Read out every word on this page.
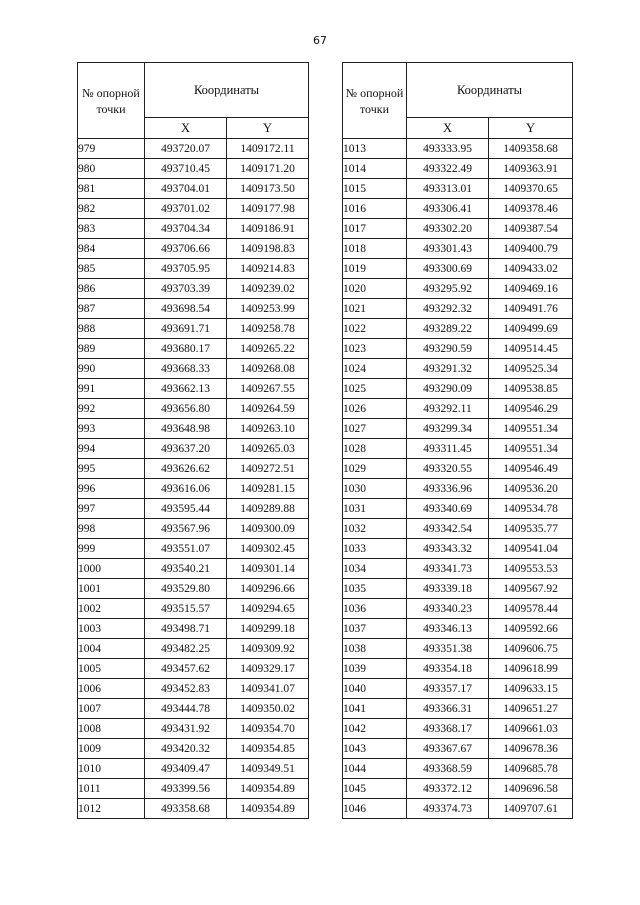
67
№ опорной точки	Координаты	
	X	Y
979	493720.07	1409172.11
980	493710.45	1409171.20
981	493704.01	1409173.50
982	493701.02	1409177.98
983	493704.34	1409186.91
984	493706.66	1409198.83
985	493705.95	1409214.83
986	493703.39	1409239.02
987	493698.54	1409253.99
988	493691.71	1409258.78
989	493680.17	1409265.22
990	493668.33	1409268.08
991	493662.13	1409267.55
992	493656.80	1409264.59
993	493648.98	1409263.10
994	493637.20	1409265.03
995	493626.62	1409272.51
996	493616.06	1409281.15
997	493595.44	1409289.88
998	493567.96	1409300.09
999	493551.07	1409302.45
1000	493540.21	1409301.14
1001	493529.80	1409296.66
1002	493515.57	1409294.65
1003	493498.71	1409299.18
1004	493482.25	1409309.92
1005	493457.62	1409329.17
1006	493452.83	1409341.07
1007	493444.78	1409350.02
1008	493431.92	1409354.70
1009	493420.32	1409354.85
1010	493409.47	1409349.51
1011	493399.56	1409354.89
1012	493358.68	1409354.89
№ опорной точки	Координаты	
	X	Y
1013	493333.95	1409358.68
1014	493322.49	1409363.91
1015	493313.01	1409370.65
1016	493306.41	1409378.46
1017	493302.20	1409387.54
1018	493301.43	1409400.79
1019	493300.69	1409433.02
1020	493295.92	1409469.16
1021	493292.32	1409491.76
1022	493289.22	1409499.69
1023	493290.59	1409514.45
1024	493291.32	1409525.34
1025	493290.09	1409538.85
1026	493292.11	1409546.29
1027	493299.34	1409551.34
1028	493311.45	1409551.34
1029	493320.55	1409546.49
1030	493336.96	1409536.20
1031	493340.69	1409534.78
1032	493342.54	1409535.77
1033	493343.32	1409541.04
1034	493341.73	1409553.53
1035	493339.18	1409567.92
1036	493340.23	1409578.44
1037	493346.13	1409592.66
1038	493351.38	1409606.75
1039	493354.18	1409618.99
1040	493357.17	1409633.15
1041	493366.31	1409651.27
1042	493368.17	1409661.03
1043	493367.67	1409678.36
1044	493368.59	1409685.78
1045	493372.12	1409696.58
1046	493374.73	1409707.61
